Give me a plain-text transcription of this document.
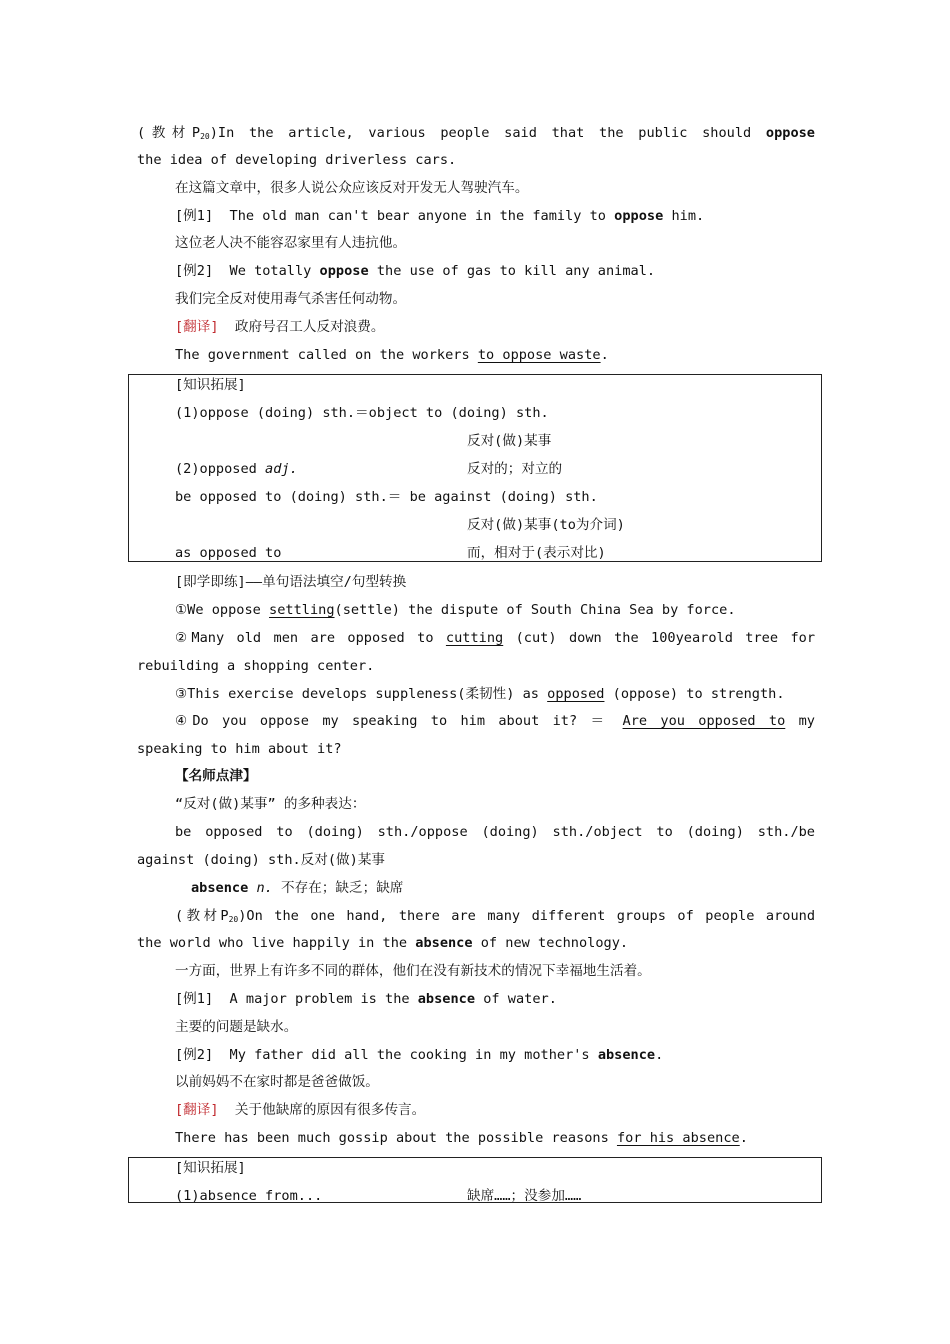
(教材$P_{20})In$ the article, various people said that the public should oppose
the idea of developing driverless cars.
在这篇文章中，很多人说公众应该反对开发无人驾驶汽车。
[例1]  The old man can't bear anyone in the family to oppose him.
这位老人决不能容忍家里有人违抗他。
[例2]  We totally oppose the use of gas to kill any animal.
我们完全反对使用毒气杀害任何动物。
[翻译]  政府号召工人反对浪费。
The government called on the workers to oppose waste.
[知识拓展]
(1)oppose (doing) sth.＝object to (doing) sth.
反对(做)某事
(2)opposed adj.	反对的；对立的
be opposed to (doing) sth.＝ be against (doing) sth.
反对(做)某事(to为介词)
as opposed to	而，相对于(表示对比)
[即学即练]——单句语法填空/句型转换
①We oppose settling(settle) the dispute of South China Sea by force.
②Many old men are opposed to cutting (cut) down the 100yearold tree for
rebuilding a shopping center.
③This exercise develops suppleness(柔韧性) as opposed (oppose) to strength.
④Do you oppose my speaking to him about it? ＝ Are you opposed to my
speaking to him about it?
【名师点津】
“反对(做)某事” 的多种表达：
be opposed to (doing) sth./oppose (doing) sth./object to (doing) sth./be
against (doing) sth.反对(做)某事
absence n. 不存在；缺乏；缺席
(教材$P_{20})On$ the one hand, there are many different groups of people around
the world who live happily in the absence of new technology.
一方面，世界上有许多不同的群体，他们在没有新技术的情况下幸福地生活着。
[例1]  A major problem is the absence of water.
主要的问题是缺水。
[例2]  My father did all the cooking in my mother's absence.
以前妈妈不在家时都是爸爸做饭。
[翻译]  关于他缺席的原因有很多传言。
There has been much gossip about the possible reasons for his absence.
[知识拓展]
(1)absence from...	缺席……；没参加……
